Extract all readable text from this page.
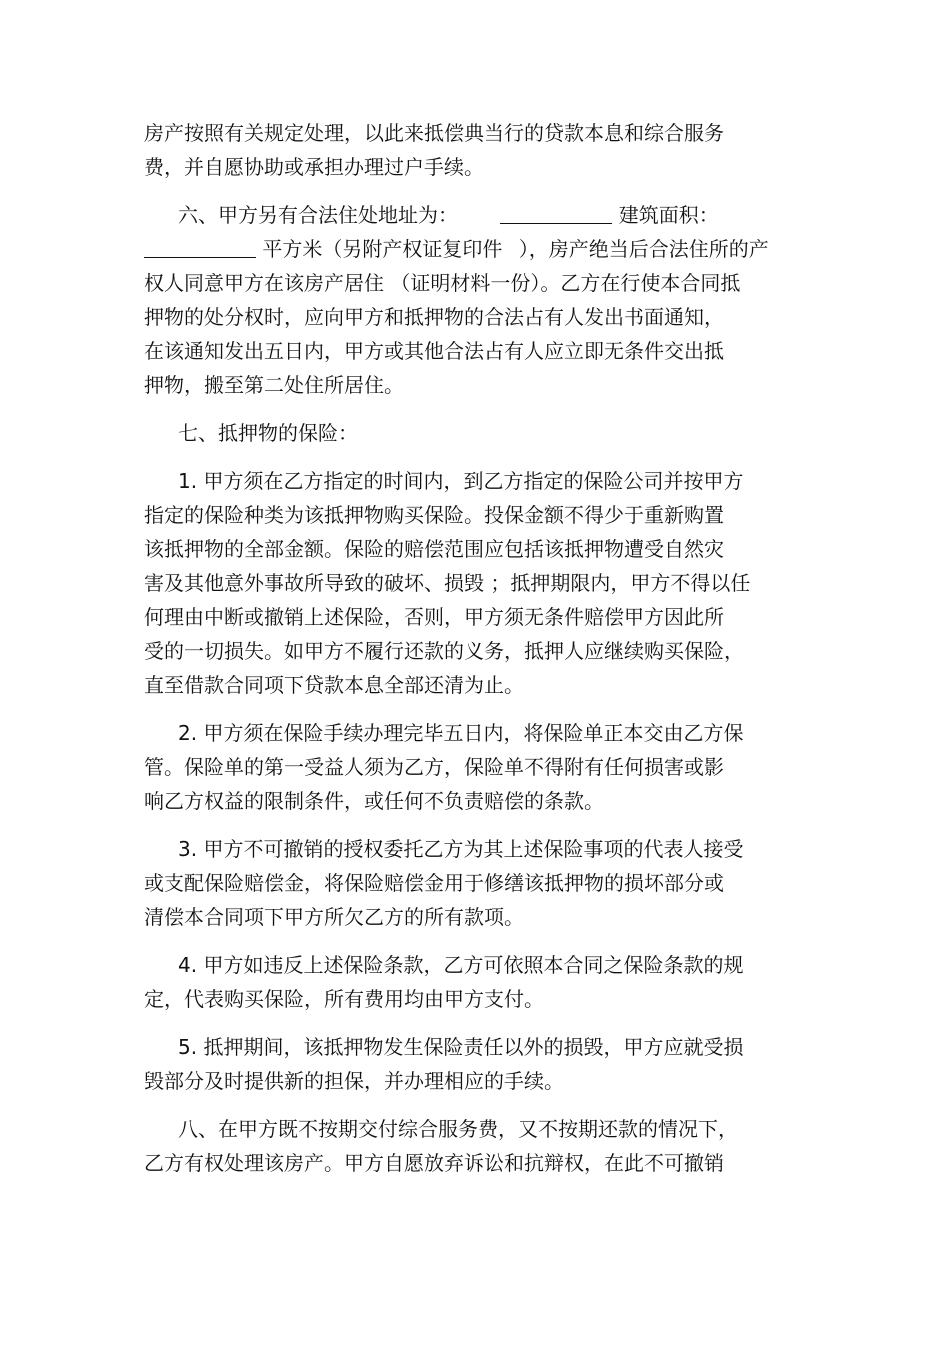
房产按照有关规定处理，以此来抵偿典当行的贷款本息和综合服务
费，并自愿协助或承担办理过户手续。
六、甲方另有合法住处地址为：	建筑面积：
平方米（另附产权证复印件 ），房产绝当后合法住所的产
权人同意甲方在该房产居住 （证明材料一份）。乙方在行使本合同抵
押物的处分权时，应向甲方和抵押物的合法占有人发出书面通知，
在该通知发出五日内，甲方或其他合法占有人应立即无条件交出抵
押物，搬至第二处住所居住。
七、抵押物的保险：
1. 甲方须在乙方指定的时间内，到乙方指定的保险公司并按甲方
指定的保险种类为该抵押物购买保险。投保金额不得少于重新购置
该抵押物的全部金额。保险的赔偿范围应包括该抵押物遭受自然灾
害及其他意外事故所导致的破坏、损毁 ；抵押期限内，甲方不得以任
何理由中断或撤销上述保险，否则，甲方须无条件赔偿甲方因此所
受的一切损失。如甲方不履行还款的义务，抵押人应继续购买保险，
直至借款合同项下贷款本息全部还清为止。
2. 甲方须在保险手续办理完毕五日内，将保险单正本交由乙方保
管。保险单的第一受益人须为乙方，保险单不得附有任何损害或影
响乙方权益的限制条件，或任何不负责赔偿的条款。
3. 甲方不可撤销的授权委托乙方为其上述保险事项的代表人接受
或支配保险赔偿金，将保险赔偿金用于修缮该抵押物的损坏部分或
清偿本合同项下甲方所欠乙方的所有款项。
4. 甲方如违反上述保险条款，乙方可依照本合同之保险条款的规
定，代表购买保险，所有费用均由甲方支付。
5. 抵押期间，该抵押物发生保险责任以外的损毁，甲方应就受损
毁部分及时提供新的担保，并办理相应的手续。
八、在甲方既不按期交付综合服务费，又不按期还款的情况下，
乙方有权处理该房产。甲方自愿放弃诉讼和抗辩权，在此不可撤销
